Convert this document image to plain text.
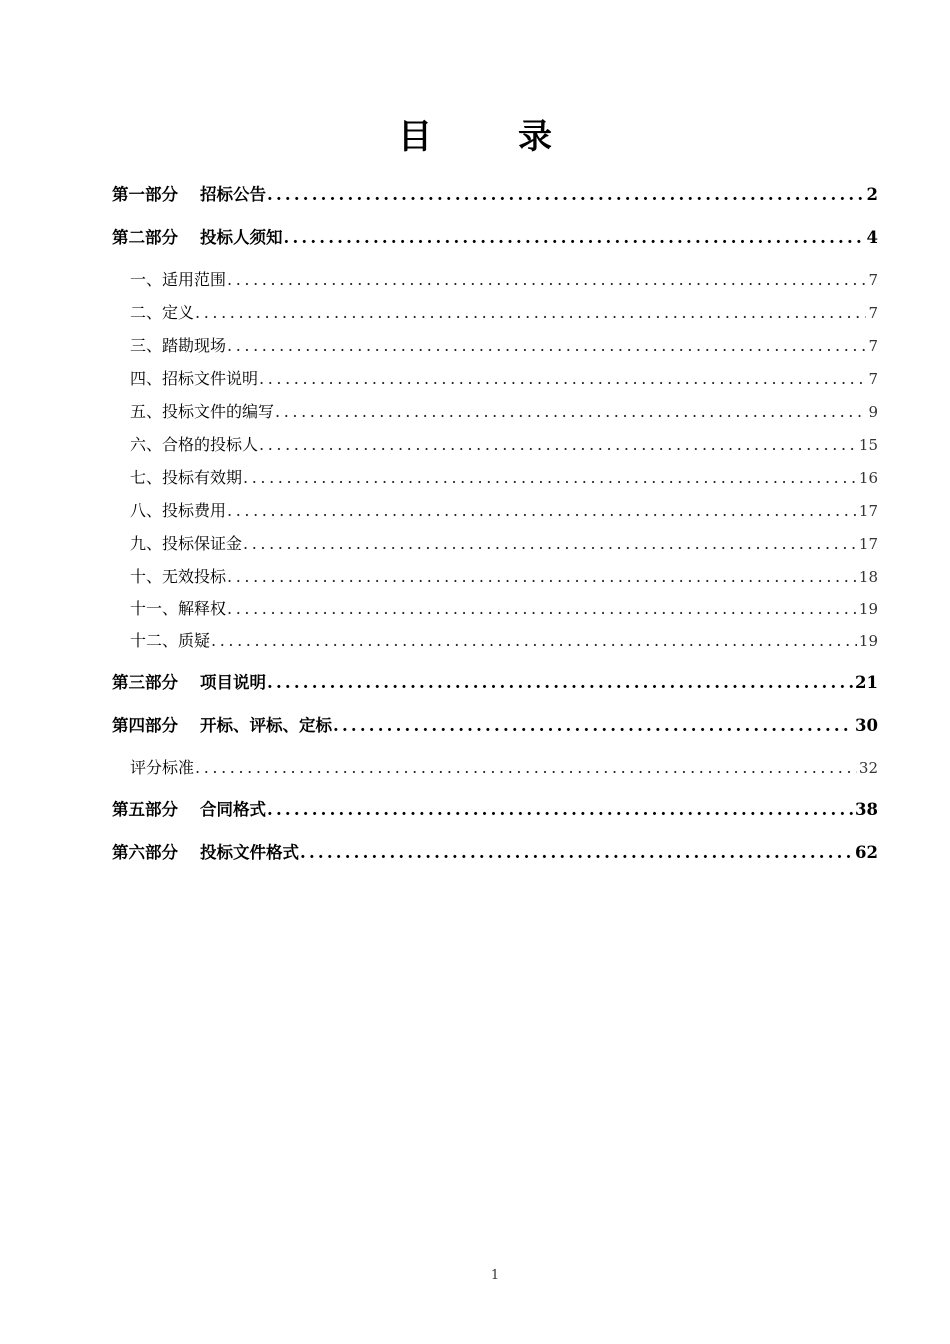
目	录
第一部分 招标公告 .....	2
第二部分 投标人须知 .....	4
一、适用范围 .....	7
二、定义 .....	7
三、踏勘现场 .....	7
四、招标文件说明 .....	7
五、投标文件的编写 .....	9
六、合格的投标人 .....	15
七、投标有效期 .....	16
八、投标费用 .....	17
九、投标保证金 .....	17
十、无效投标 .....	18
十一、解释权 .....	19
十二、质疑 .....	19
第三部分 项目说明 .....	21
第四部分 开标、评标、定标 .....	30
评分标准 .....	32
第五部分 合同格式 .....	38
第六部分 投标文件格式 .....	62
1
